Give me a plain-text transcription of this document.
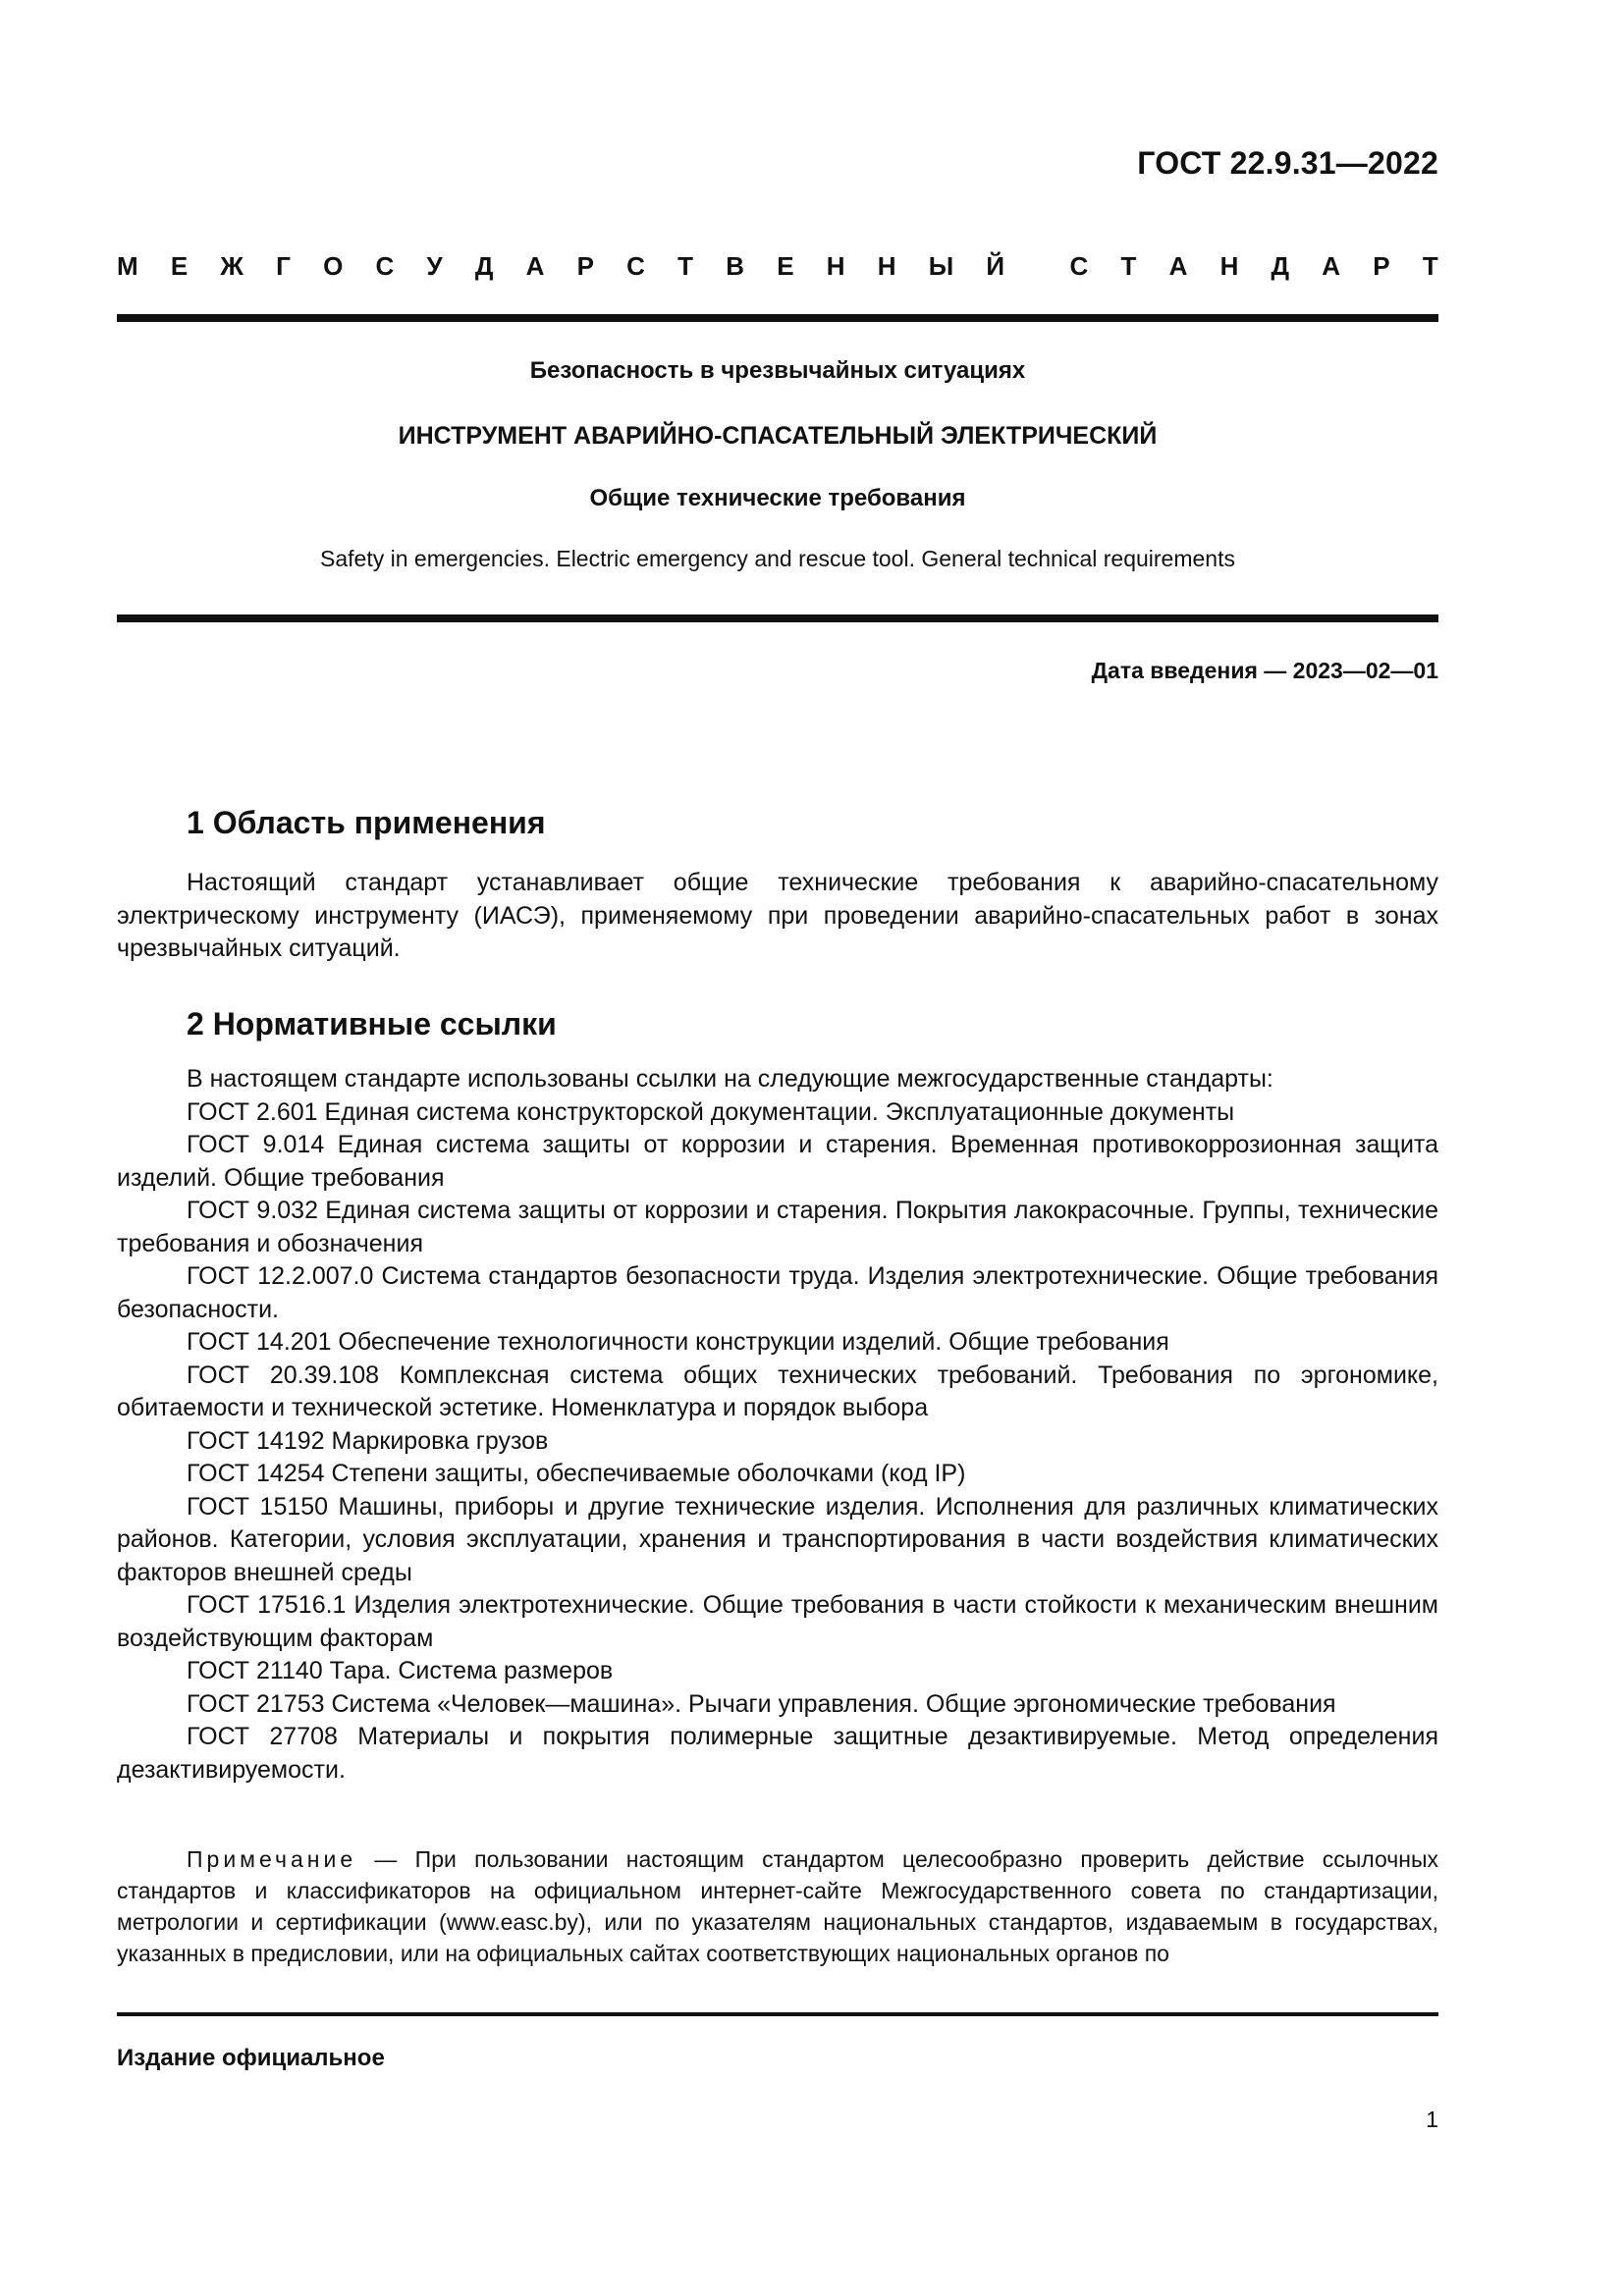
ГОСТ 22.9.31—2022
М Е Ж Г О С У Д А Р С Т В Е Н Н Ы Й	С Т А Н Д А Р Т
Безопасность в чрезвычайных ситуациях
ИНСТРУМЕНТ АВАРИЙНО-СПАСАТЕЛЬНЫЙ ЭЛЕКТРИЧЕСКИЙ
Общие технические требования
Safety in emergencies. Electric emergency and rescue tool. General technical requirements
Дата введения — 2023—02—01
1 Область применения
Настоящий стандарт устанавливает общие технические требования к аварийно-спасательному электрическому инструменту (ИАСЭ), применяемому при проведении аварийно-спасательных работ в зонах чрезвычайных ситуаций.
2 Нормативные ссылки

В настоящем стандарте использованы ссылки на следующие межгосударственные стандарты:

ГОСТ 2.601 Единая система конструкторской документации. Эксплуатационные документы

ГОСТ 9.014 Единая система защиты от коррозии и старения. Временная противокоррозионная защита изделий. Общие требования

ГОСТ 9.032 Единая система защиты от коррозии и старения. Покрытия лакокрасочные. Группы, технические требования и обозначения

ГОСТ 12.2.007.0 Система стандартов безопасности труда. Изделия электротехнические. Общие требования безопасности.

ГОСТ 14.201 Обеспечение технологичности конструкции изделий. Общие требования

ГОСТ 20.39.108 Комплексная система общих технических требований. Требования по эргономике, обитаемости и технической эстетике. Номенклатура и порядок выбора

ГОСТ 14192 Маркировка грузов

ГОСТ 14254 Степени защиты, обеспечиваемые оболочками (код IP)

ГОСТ 15150 Машины, приборы и другие технические изделия. Исполнения для различных климатических районов. Категории, условия эксплуатации, хранения и транспортирования в части воздействия климатических факторов внешней среды

ГОСТ 17516.1 Изделия электротехнические. Общие требования в части стойкости к механическим внешним воздействующим факторам

ГОСТ 21140 Тара. Система размеров

ГОСТ 21753 Система «Человек—машина». Рычаги управления. Общие эргономические требования

ГОСТ 27708 Материалы и покрытия полимерные защитные дезактивируемые. Метод определения дезактивируемости.

Примечание — При пользовании настоящим стандартом целесообразно проверить действие ссылочных стандартов и классификаторов на официальном интернет-сайте Межгосударственного совета по стандартизации, метрологии и сертификации (www.easc.by), или по указателям национальных стандартов, издаваемым в государствах, указанных в предисловии, или на официальных сайтах соответствующих национальных органов по
Издание официальное
1
